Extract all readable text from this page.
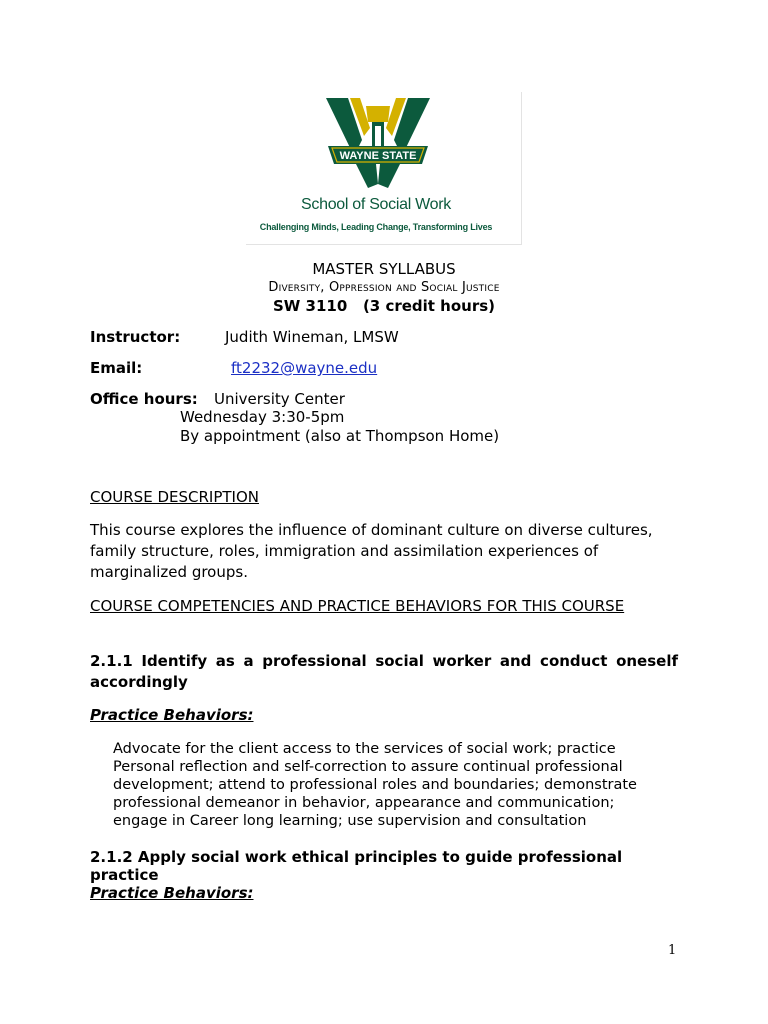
WAYNE STATE
School of Social Work
Challenging Minds, Leading Change, Transforming Lives
MASTER SYLLABUS
Diversity, Oppression and Social Justice
SW 3110   (3 credit hours)
Instructor:	Judith Wineman, LMSW
Email:	ft2232@wayne.edu
Office hours: University Center
Wednesday 3:30-5pm
By appointment (also at Thompson Home)
COURSE DESCRIPTION
This course explores the influence of dominant culture on diverse cultures, family structure, roles, immigration and assimilation experiences of marginalized groups.
COURSE COMPETENCIES AND PRACTICE BEHAVIORS FOR THIS COURSE
2.1.1 Identify as a professional social worker and conduct oneself accordingly
Practice Behaviors:
Advocate for the client access to the services of social work; practice Personal reflection and self-correction to assure continual professional development; attend to professional roles and boundaries; demonstrate professional demeanor in behavior, appearance and communication; engage in Career long learning; use supervision and consultation
2.1.2 Apply social work ethical principles to guide professional practice
Practice Behaviors:
1
